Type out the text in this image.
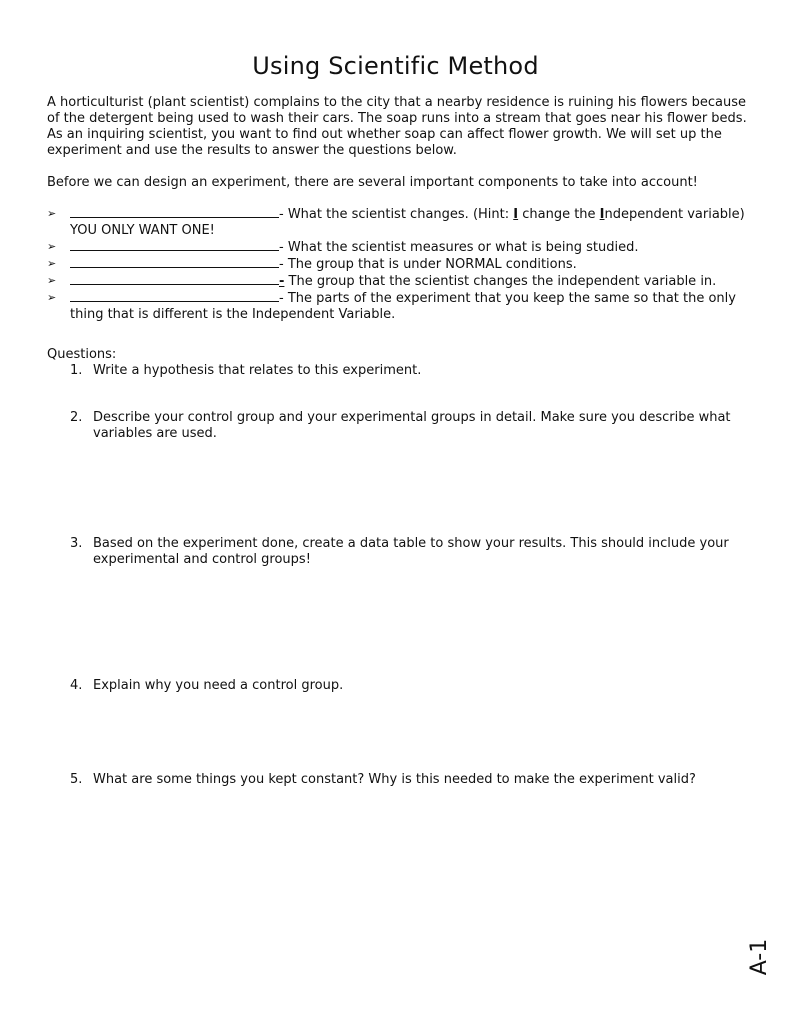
Using Scientific Method

A horticulturist (plant scientist) complains to the city that a nearby residence is ruining his flowers because of the detergent being used to wash their cars. The soap runs into a stream that goes near his flower beds. As an inquiring scientist, you want to find out whether soap can affect flower growth. We will set up the experiment and use the results to answer the questions below.

Before we can design an experiment, there are several important components to take into account!

➢	- What the scientist changes. (Hint: I change the Independent variable) YOU ONLY WANT ONE!
➢	- What the scientist measures or what is being studied.
➢	- The group that is under NORMAL conditions.
➢	- The group that the scientist changes the independent variable in.
➢	- The parts of the experiment that you keep the same so that the only thing that is different is the Independent Variable.
Questions:
1. Write a hypothesis that relates to this experiment.
2. Describe your control group and your experimental groups in detail. Make sure you describe what variables are used.
3. Based on the experiment done, create a data table to show your results. This should include your experimental and control groups!
4. Explain why you need a control group.
5. What are some things you kept constant? Why is this needed to make the experiment valid?
A-1
